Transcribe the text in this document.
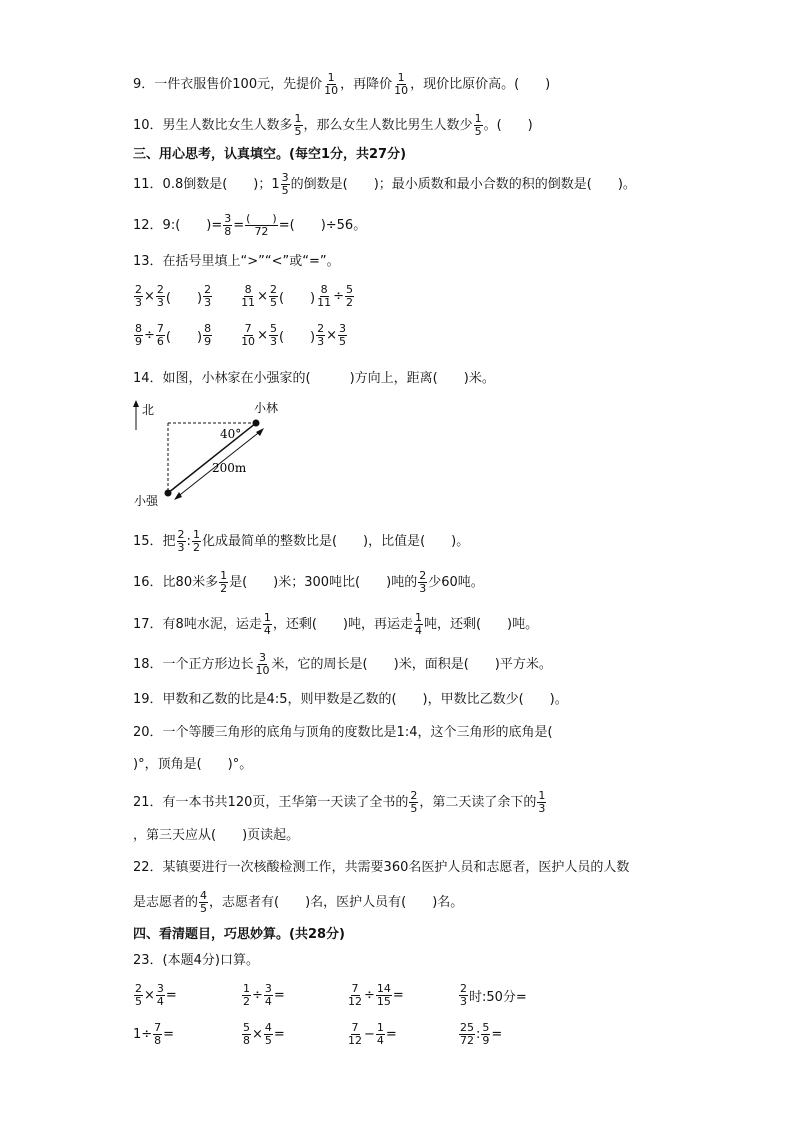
9．一件衣服售价100元，先提价 $\frac{1}{10}$ ，再降价 $\frac{1}{10}$ ，现价比原价高。(　　)
10．男生人数比女生人数多 $\frac{1}{5}$ ，那么女生人数比男生人数少 $\frac{1}{5}$ 。(　　)
三、用心思考，认真填空。(每空1分，共27分)
11．0.8倒数是(　　)；$1 \frac{3}{5}$ 的倒数是(　　)；最小质数和最小合数的积的倒数是(　　)。
12．9:(　　)= $\frac{3}{8} = \frac{( )}{72}$ =(　　)÷56。
13．在括号里填上“>”“<”或“=”。
$\frac{2}{3} \times \frac{2}{3}$ (　　) $\frac{2}{3}$	$\frac{8}{11} \times \frac{2}{5}$ (　　) $\frac{8}{11} \div \frac{5}{2}$
$\frac{8}{9} \div \frac{7}{6}$ (　　) $\frac{8}{9}$	$\frac{7}{10} \times \frac{5}{3}$ (　　) $\frac{2}{3} \times \frac{3}{5}$
14．如图，小林家在小强家的(　　　)方向上，距离(　　)米。
北	小林
小强
40°
200m
15．把 $\frac{2}{3}$ : $\frac{1}{2}$ 化成最简单的整数比是(　　)，比值是(　　)。
16．比80米多 $\frac{1}{2}$ 是(　　)米；300吨比(　　)吨的 $\frac{2}{3}$ 少60吨。
17．有8吨水泥，运走 $\frac{1}{4}$ ，还剩(　　)吨，再运走 $\frac{1}{4}$ 吨，还剩(　　)吨。
18．一个正方形边长 $\frac{3}{10}$ 米，它的周长是(　　)米，面积是(　　)平方米。
19．甲数和乙数的比是4:5，则甲数是乙数的(　　)，甲数比乙数少(　　)。
20．一个等腰三角形的底角与顶角的度数比是1:4，这个三角形的底角是(
)°，顶角是(　　)°。
21．有一本书共120页，王华第一天读了全书的 $\frac{2}{5}$ ，第二天读了余下的 $\frac{1}{3}$
，第三天应从(　　)页读起。
22．某镇要进行一次核酸检测工作，共需要360名医护人员和志愿者，医护人员的人数
是志愿者的 $\frac{4}{5}$ ，志愿者有(　　)名，医护人员有(　　)名。
四、看清题目，巧思妙算。(共28分)
23．(本题4分)口算。
$\frac{2}{5} \times \frac{3}{4}$ =	$\frac{1}{2} \div \frac{3}{4}$ =	$\frac{7}{12} \div \frac{14}{15}$ =	$\frac{2}{3}$ 时:50分=
$1\div \frac{7}{8}$ =	$\frac{5}{8} \times \frac{4}{5}$ =	$\frac{7}{12} - \frac{1}{4}$ =	$\frac{25}{72}$ : $\frac{5}{9}$ =
